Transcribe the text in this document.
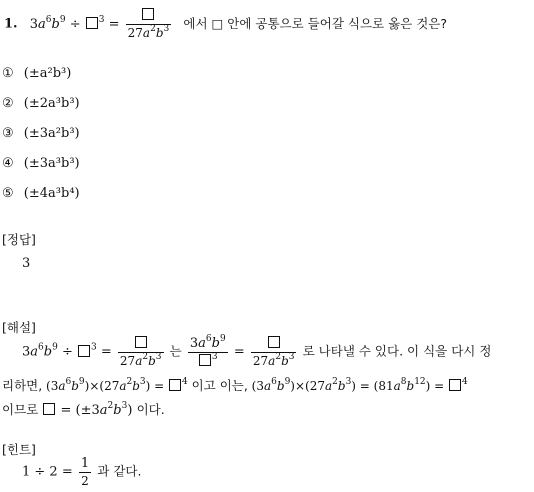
1. $3a^6b^9 \div ^3$ =
$27a^2b^3$ 에서 □ 안에 공통으로 들어갈 식으로 옳은 것은?
① (±a²b³)
② (±2a³b³)
③ (±3a²b³)
④ (±3a³b³)
⑤ (±4a³b⁴)
[정답]
3
[해설]
$3a^6b^9 \div ^3$ =
$27a^2b^3$ 는 $\frac{3a^6b^9}{^3}$ =
$27a^2b^3$ 로 나타낼 수 있다. 이 식을 다시 정
리하면, $(3a^6b^9)\times(27a^2b^3) = ^4$ 이고 이는, $(3a^6b^9)\times(27a^2b^3) = (81a^8b^{12}) = ^4$
이므로  = $(\pm 3a^2b^3)$ 이다.
[힌트]
$1 \div 2 = \frac{1}{2}$ 과 같다.
